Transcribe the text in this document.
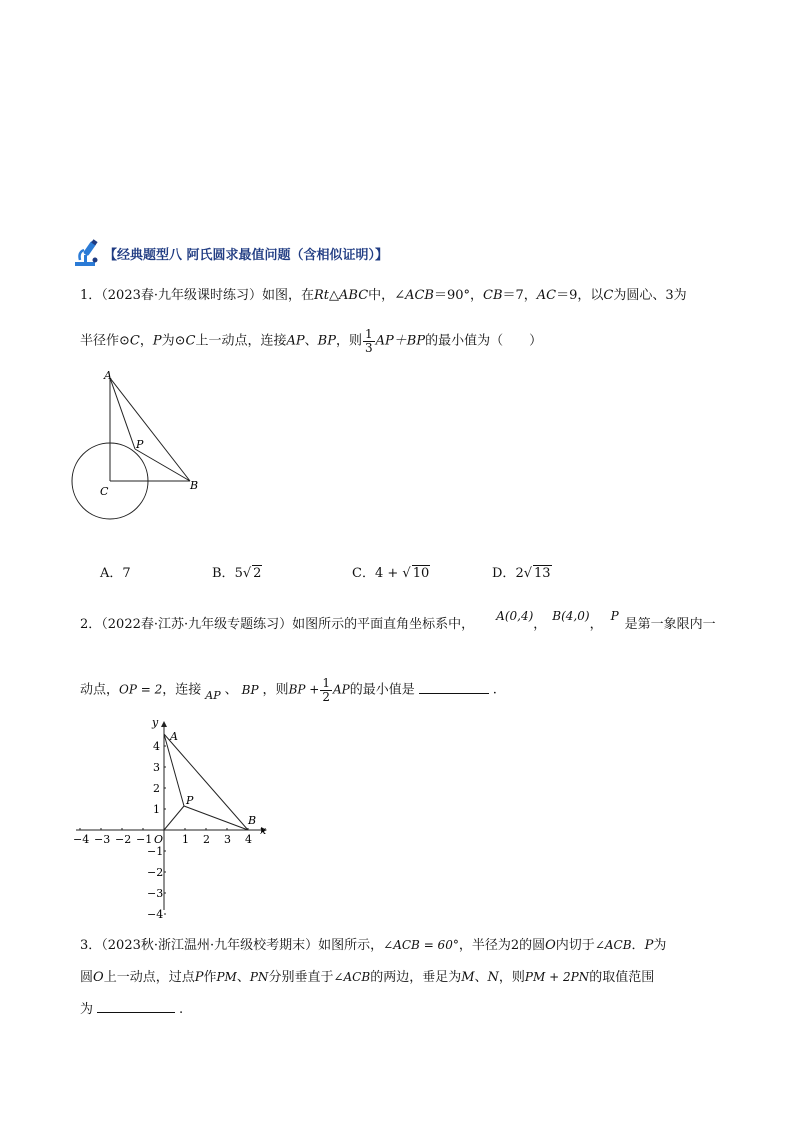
【经典题型八 阿氏圆求最值问题（含相似证明）】
1．（2023春·九年级课时练习）如图，在Rt△ABC中，∠ACB＝90°，CB＝7，AC＝9，以C为圆心、3为
半径作⊙C，P为⊙C上一动点，连接AP、BP，则 $\frac{1}{3} AP+BP$的最小值为（　　）
A
P
C	B
A．7	B．5√ 2	C．4 + √ 10	D．2√ 13
2．（2022春·江苏·九年级专题练习）如图所示的平面直角坐标系中，A(0,4)，B(4,0)，P是第一象限内一
动点，OP = 2，连接 $_{AP}$ 、 BP ，则BP + $\frac{1}{2}$ AP的最小值是	.
y
x
O
A
P
B
−4 −3 −2 −1	1 2 3 4
4
3
2
1
−1
−2
−3
−4
3．（2023秋·浙江温州·九年级校考期末）如图所示，∠ACB = 60°，半径为2的圆O内切于∠ACB．P为
圆O上一动点，过点P作PM、PN分别垂直于∠ACB的两边，垂足为M、N，则PM + 2PN的取值范围
为	.
